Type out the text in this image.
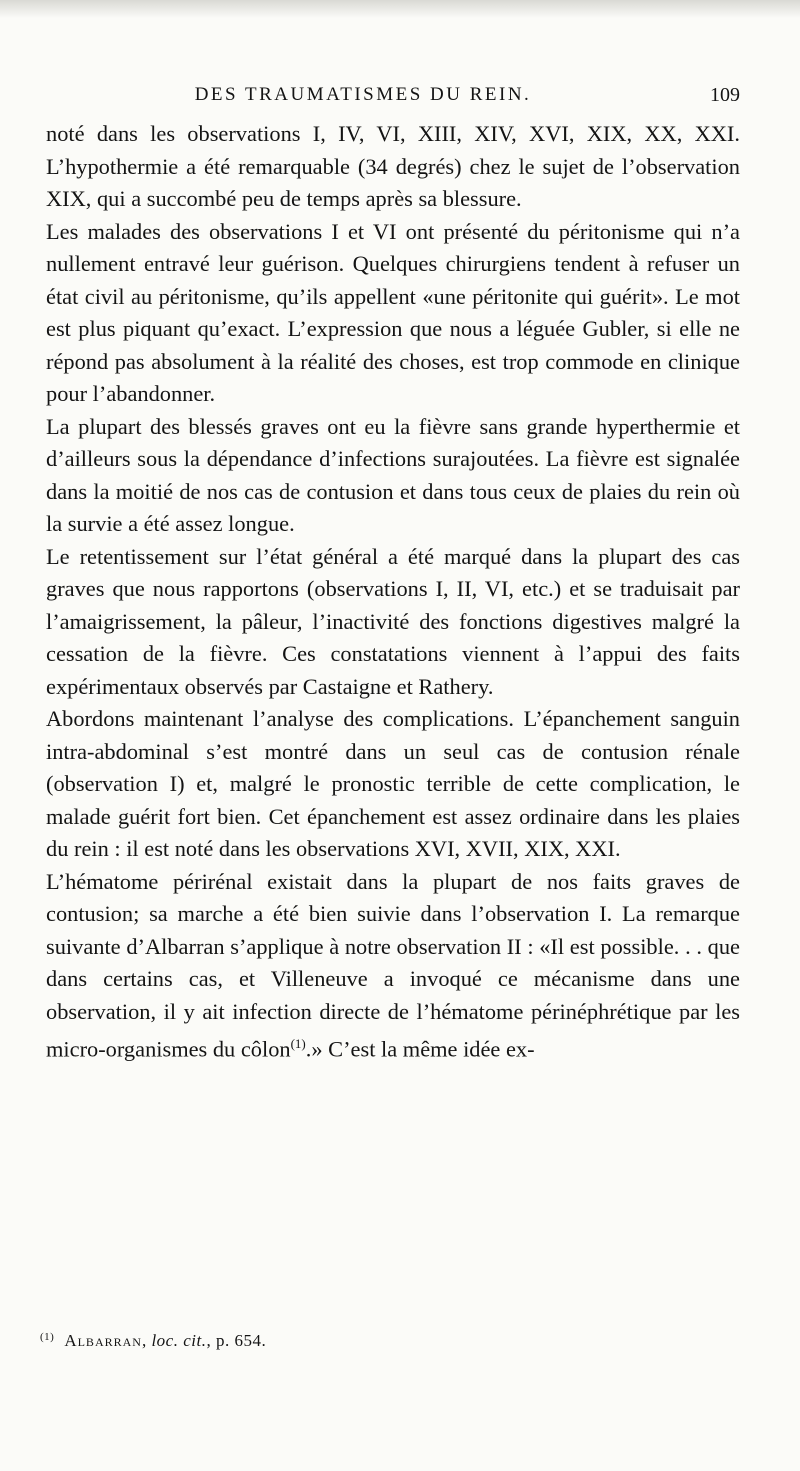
DES TRAUMATISMES DU REIN.	109

noté dans les observations I, IV, VI, XIII, XIV, XVI, XIX, XX, XXI. L’hypothermie a été remarquable (34 degrés) chez le sujet de l’observation XIX, qui a succombé peu de temps après sa blessure.

Les malades des observations I et VI ont présenté du péritonisme qui n’a nullement entravé leur guérison. Quelques chirurgiens tendent à refuser un état civil au péritonisme, qu’ils appellent «une péritonite qui guérit». Le mot est plus piquant qu’exact. L’expression que nous a léguée Gubler, si elle ne répond pas absolument à la réalité des choses, est trop commode en clinique pour l’abandonner.

La plupart des blessés graves ont eu la fièvre sans grande hyperthermie et d’ailleurs sous la dépendance d’infections surajoutées. La fièvre est signalée dans la moitié de nos cas de contusion et dans tous ceux de plaies du rein où la survie a été assez longue.

Le retentissement sur l’état général a été marqué dans la plupart des cas graves que nous rapportons (observations I, II, VI, etc.) et se traduisait par l’amaigrissement, la pâleur, l’inactivité des fonctions digestives malgré la cessation de la fièvre. Ces constatations viennent à l’appui des faits expérimentaux observés par Castaigne et Rathery.

Abordons maintenant l’analyse des complications. L’épanchement sanguin intra-abdominal s’est montré dans un seul cas de contusion rénale (observation I) et, malgré le pronostic terrible de cette complication, le malade guérit fort bien. Cet épanchement est assez ordinaire dans les plaies du rein : il est noté dans les observations XVI, XVII, XIX, XXI.

L’hématome périrénal existait dans la plupart de nos faits graves de contusion; sa marche a été bien suivie dans l’observation I. La remarque suivante d’Albarran s’applique à notre observation II : «Il est possible. . . que dans certains cas, et Villeneuve a invoqué ce mécanisme dans une observation, il y ait infection directe de l’hématome périnéphrétique par les micro-organismes du côlon$^{(1)}$.» C’est la même idée ex-

$^{(1)}$ Albarran, loc. cit., p. 654.
